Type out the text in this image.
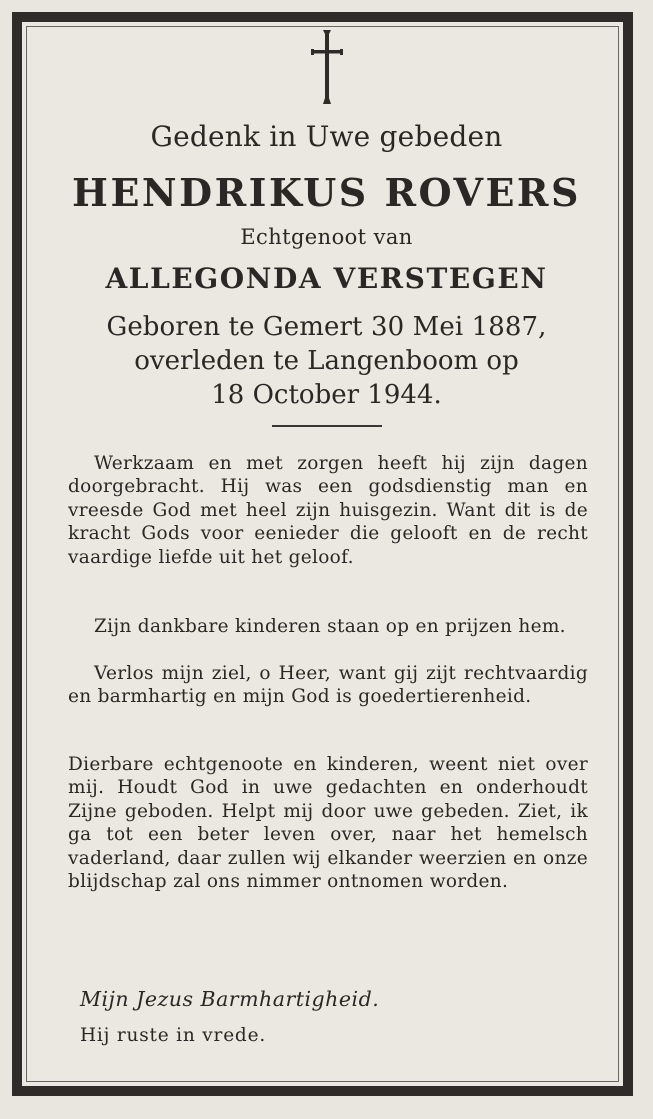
Gedenk in Uwe gebeden
HENDRIKUS ROVERS
Echtgenoot van
ALLEGONDA VERSTEGEN
Geboren te Gemert 30 Mei 1887,
overleden te Langenboom op
18 October 1944.
Werkzaam en met zorgen heeft hij zijn dagen doorgebracht. Hij was een godsdienstig man en vreesde God met heel zijn huisgezin. Want dit is de kracht Gods voor eenieder die gelooft en de recht vaardige liefde uit het geloof.
Zijn dankbare kinderen staan op en prijzen hem.
Verlos mijn ziel, o Heer, want gij zijt rechtvaardig en barmhartig en mijn God is goedertierenheid.
Dierbare echtgenoote en kinderen, weent niet over mij. Houdt God in uwe gedachten en onderhoudt Zijne geboden. Helpt mij door uwe gebeden. Ziet, ik ga tot een beter leven over, naar het hemelsch vaderland, daar zullen wij elkander weerzien en onze blijdschap zal ons nimmer ontnomen worden.
Mijn Jezus Barmhartigheid.
Hij ruste in vrede.
